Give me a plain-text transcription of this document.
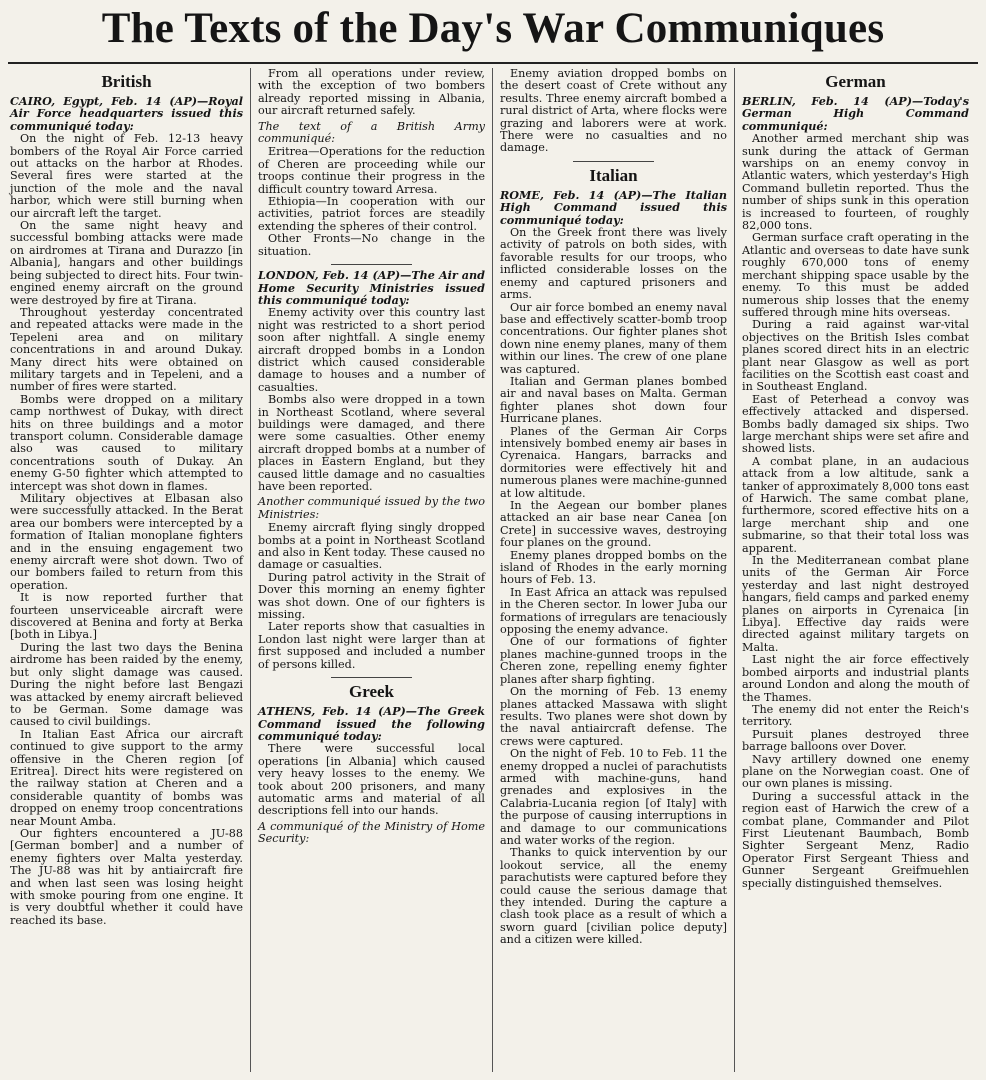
The Texts of the Day's War Communiques
British

CAIRO, Egypt, Feb. 14 (AP)—Royal Air Force headquarters issued this communiqué today:

On the night of Feb. 12-13 heavy bombers of the Royal Air Force carried out attacks on the harbor at Rhodes. Several fires were started at the junction of the mole and the naval harbor, which were still burning when our aircraft left the target.

On the same night heavy and successful bombing attacks were made on airdromes at Tirana and Durazzo [in Albania], hangars and other buildings being subjected to direct hits. Four twin-engined enemy aircraft on the ground were destroyed by fire at Tirana.

Throughout yesterday concentrated and repeated attacks were made in the Tepeleni area and on military concentrations in and around Dukay. Many direct hits were obtained on military targets and in Tepeleni, and a number of fires were started.

Bombs were dropped on a military camp northwest of Dukay, with direct hits on three buildings and a motor transport column. Considerable damage also was caused to military concentrations south of Dukay. An enemy G-50 fighter which attempted to intercept was shot down in flames.

Military objectives at Elbasan also were successfully attacked. In the Berat area our bombers were intercepted by a formation of Italian monoplane fighters and in the ensuing engagement two enemy aircraft were shot down. Two of our bombers failed to return from this operation.

It is now reported further that fourteen unserviceable aircraft were discovered at Benina and forty at Berka [both in Libya.]

During the last two days the Benina airdrome has been raided by the enemy, but only slight damage was caused. During the night before last Bengazi was attacked by enemy aircraft believed to be German. Some damage was caused to civil buildings.

In Italian East Africa our aircraft continued to give support to the army offensive in the Cheren region [of Eritrea]. Direct hits were registered on the railway station at Cheren and a considerable quantity of bombs was dropped on enemy troop concentrations near Mount Amba.

Our fighters encountered a JU-88 [German bomber] and a number of enemy fighters over Malta yesterday. The JU-88 was hit by antiaircraft fire and when last seen was losing height with smoke pouring from one engine. It is very doubtful whether it could have reached its base.

From all operations under review, with the exception of two bombers already reported missing in Albania, our aircraft returned safely.

The text of a British Army communiqué:

Eritrea—Operations for the reduction of Cheren are proceeding while our troops continue their progress in the difficult country toward Arresa.

Ethiopia—In cooperation with our activities, patriot forces are steadily extending the spheres of their control.

Other Fronts—No change in the situation.

LONDON, Feb. 14 (AP)—The Air and Home Security Ministries issued this communiqué today:

Enemy activity over this country last night was restricted to a short period soon after nightfall. A single enemy aircraft dropped bombs in a London district which caused considerable damage to houses and a number of casualties.

Bombs also were dropped in a town in Northeast Scotland, where several buildings were damaged, and there were some casualties. Other enemy aircraft dropped bombs at a number of places in Eastern England, but they caused little damage and no casualties have been reported.

Another communiqué issued by the two Ministries:

Enemy aircraft flying singly dropped bombs at a point in Northeast Scotland and also in Kent today. These caused no damage or casualties.

During patrol activity in the Strait of Dover this morning an enemy fighter was shot down. One of our fighters is missing.

Later reports show that casualties in London last night were larger than at first supposed and included a number of persons killed.

Greek

ATHENS, Feb. 14 (AP)—The Greek Command issued the following communiqué today:

There were successful local operations [in Albania] which caused very heavy losses to the enemy. We took about 200 prisoners, and many automatic arms and material of all descriptions fell into our hands.

A communiqué of the Ministry of Home Security:

Enemy aviation dropped bombs on the desert coast of Crete without any results. Three enemy aircraft bombed a rural district of Arta, where flocks were grazing and laborers were at work. There were no casualties and no damage.

Italian

ROME, Feb. 14 (AP)—The Italian High Command issued this communiqué today:

On the Greek front there was lively activity of patrols on both sides, with favorable results for our troops, who inflicted considerable losses on the enemy and captured prisoners and arms.

Our air force bombed an enemy naval base and effectively scatter-bomb troop concentrations. Our fighter planes shot down nine enemy planes, many of them within our lines. The crew of one plane was captured.

Italian and German planes bombed air and naval bases on Malta. German fighter planes shot down four Hurricane planes.

Planes of the German Air Corps intensively bombed enemy air bases in Cyrenaica. Hangars, barracks and dormitories were effectively hit and numerous planes were machine-gunned at low altitude.

In the Aegean our bomber planes attacked an air base near Canea [on Crete] in successive waves, destroying four planes on the ground.

Enemy planes dropped bombs on the island of Rhodes in the early morning hours of Feb. 13.

In East Africa an attack was repulsed in the Cheren sector. In lower Juba our formations of irregulars are tenaciously opposing the enemy advance.

One of our formations of fighter planes machine-gunned troops in the Cheren zone, repelling enemy fighter planes after sharp fighting.

On the morning of Feb. 13 enemy planes attacked Massawa with slight results. Two planes were shot down by the naval antiaircraft defense. The crews were captured.

On the night of Feb. 10 to Feb. 11 the enemy dropped a nuclei of parachutists armed with machine-guns, hand grenades and explosives in the Calabria-Lucania region [of Italy] with the purpose of causing interruptions in and damage to our communications and water works of the region.

Thanks to quick intervention by our lookout service, all the enemy parachutists were captured before they could cause the serious damage that they intended. During the capture a clash took place as a result of which a sworn guard [civilian police deputy] and a citizen were killed.

German

BERLIN, Feb. 14 (AP)—Today's German High Command communiqué:

Another armed merchant ship was sunk during the attack of German warships on an enemy convoy in Atlantic waters, which yesterday's High Command bulletin reported. Thus the number of ships sunk in this operation is increased to fourteen, of roughly 82,000 tons.

German surface craft operating in the Atlantic and overseas to date have sunk roughly 670,000 tons of enemy merchant shipping space usable by the enemy. To this must be added numerous ship losses that the enemy suffered through mine hits overseas.

During a raid against war-vital objectives on the British Isles combat planes scored direct hits in an electric plant near Glasgow as well as port facilities on the Scottish east coast and in Southeast England.

East of Peterhead a convoy was effectively attacked and dispersed. Bombs badly damaged six ships. Two large merchant ships were set afire and showed lists.

A combat plane, in an audacious attack from a low altitude, sank a tanker of approximately 8,000 tons east of Harwich. The same combat plane, furthermore, scored effective hits on a large merchant ship and one submarine, so that their total loss was apparent.

In the Mediterranean combat plane units of the German Air Force yesterday and last night destroyed hangars, field camps and parked enemy planes on airports in Cyrenaica [in Libya]. Effective day raids were directed against military targets on Malta.

Last night the air force effectively bombed airports and industrial plants around London and along the mouth of the Thames.

The enemy did not enter the Reich's territory.

Pursuit planes destroyed three barrage balloons over Dover.

Navy artillery downed one enemy plane on the Norwegian coast. One of our own planes is missing.

During a successful attack in the region east of Harwich the crew of a combat plane, Commander and Pilot First Lieutenant Baumbach, Bomb Sighter Sergeant Menz, Radio Operator First Sergeant Thiess and Gunner Sergeant Greifmuehlen specially distinguished themselves.
